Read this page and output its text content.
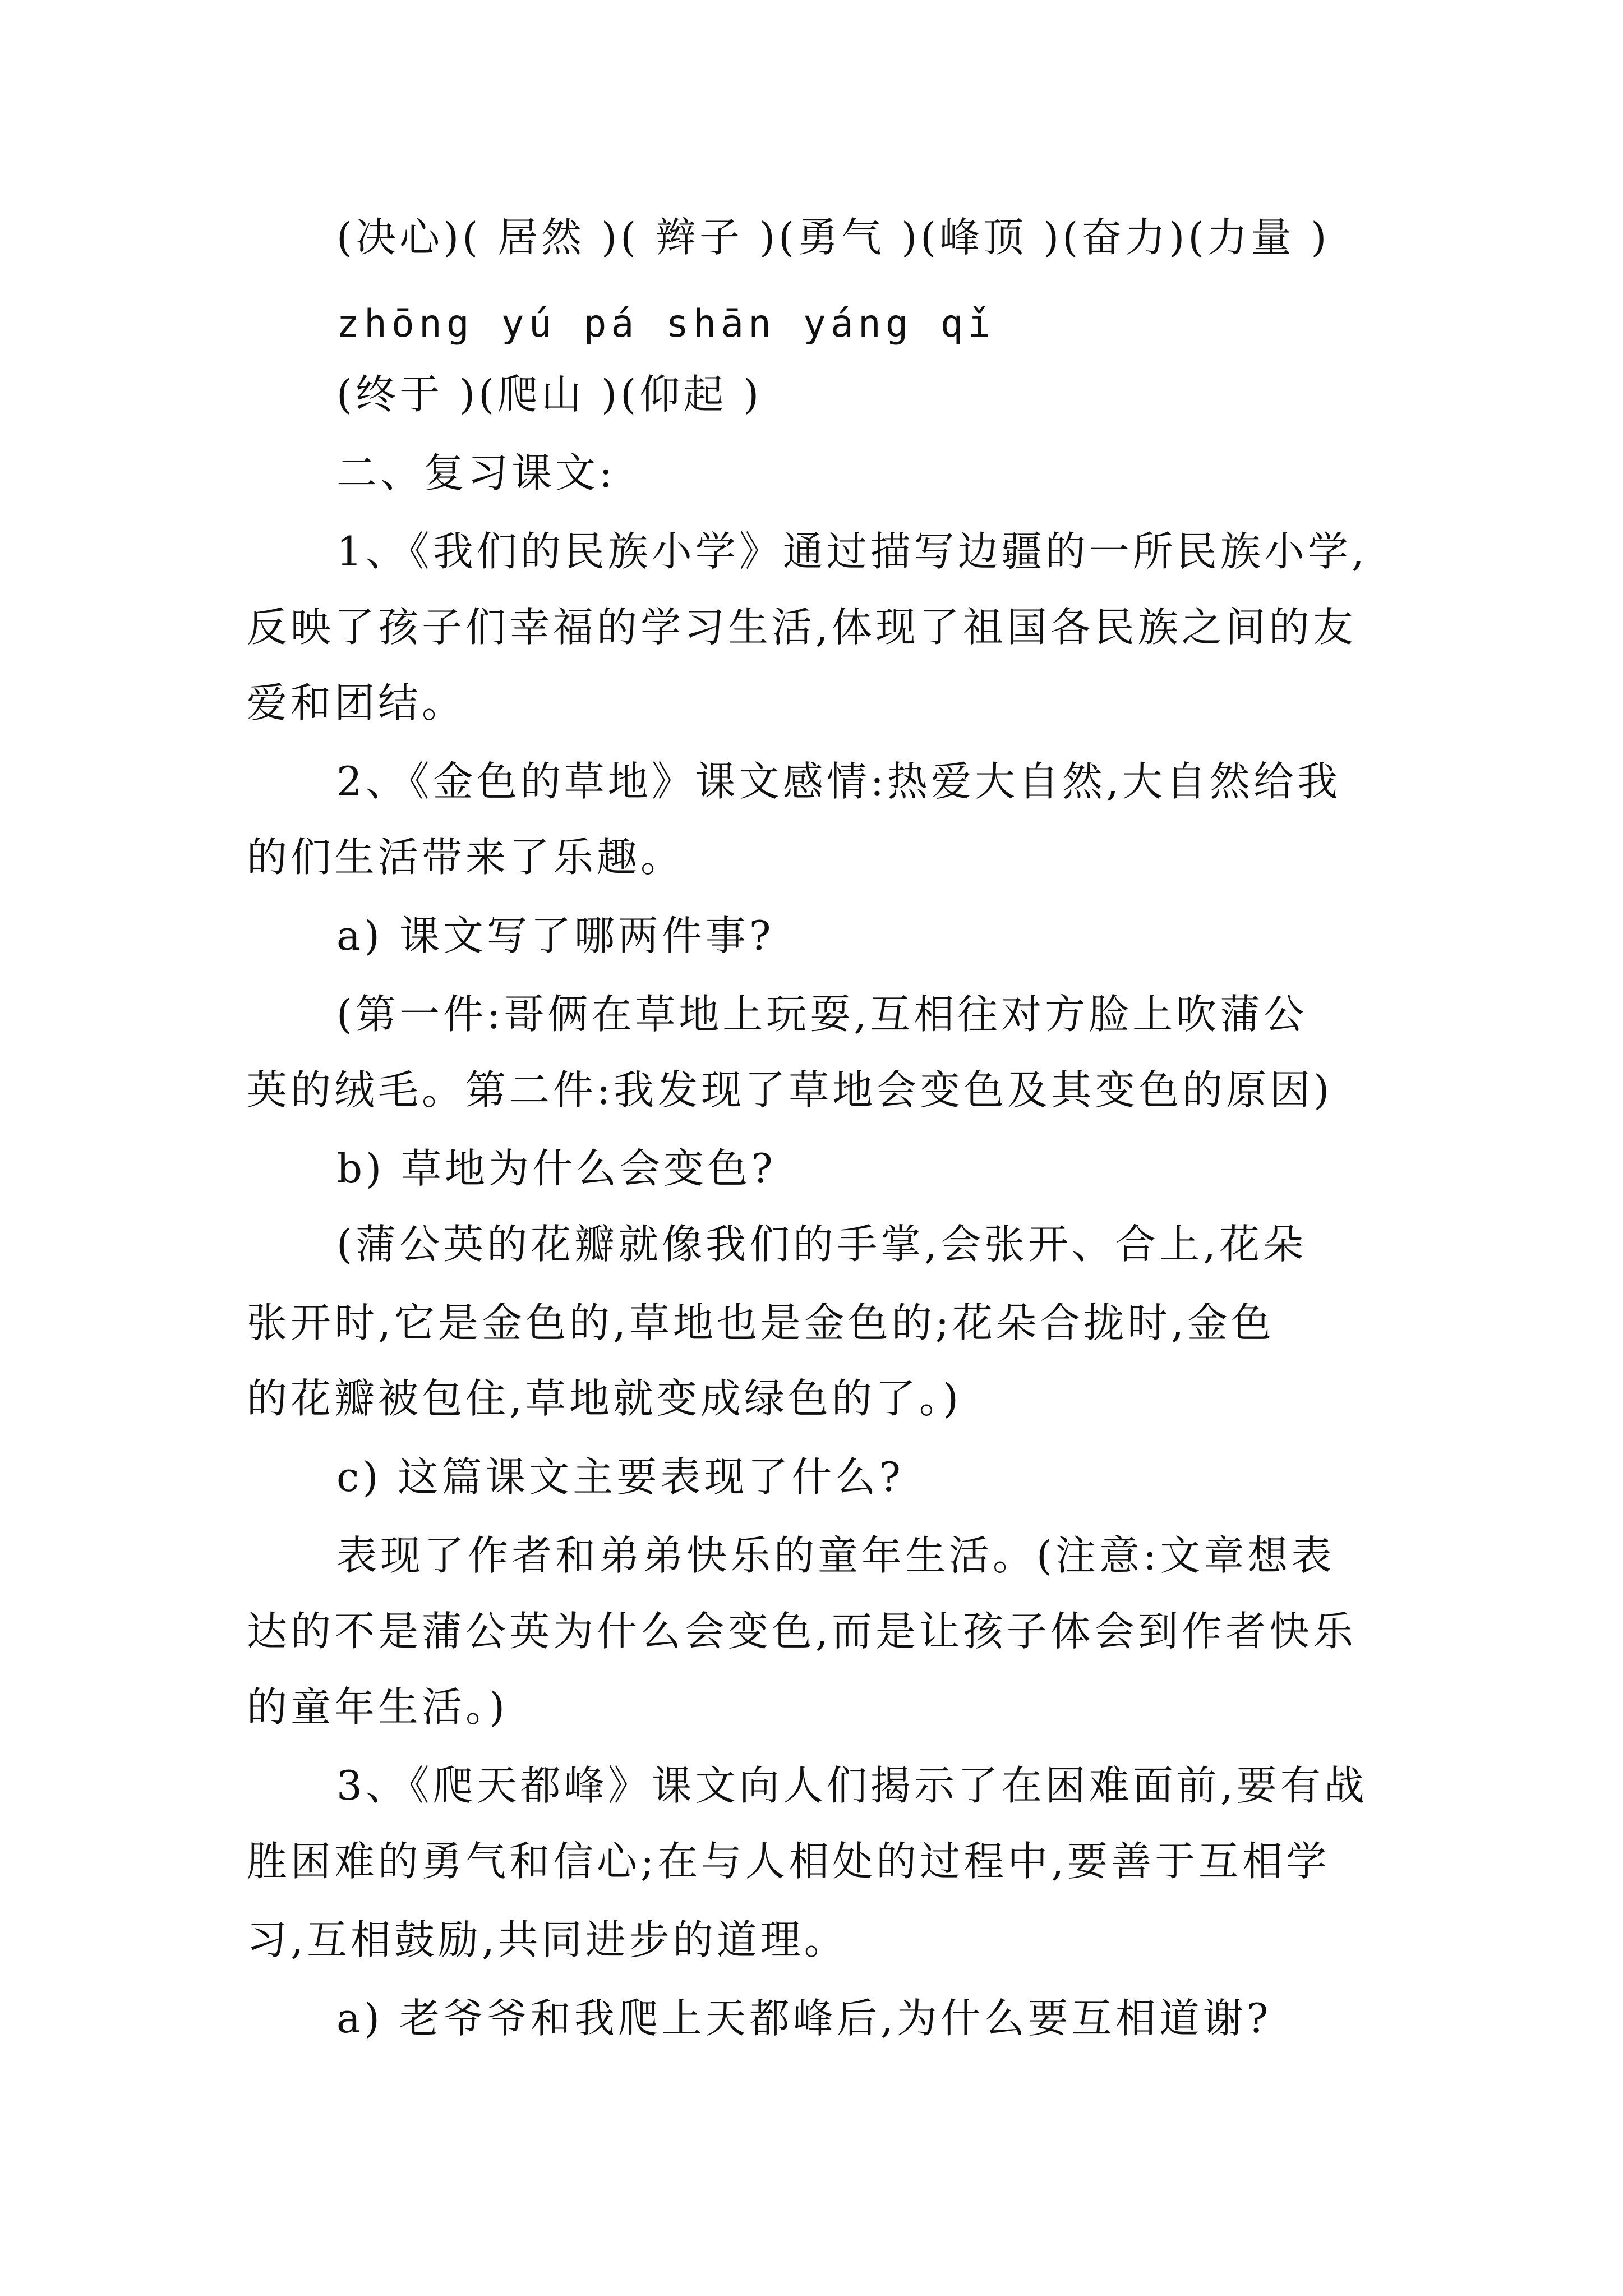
(决心)( 居然 )( 辫子 )(勇气 )(峰顶 )(奋力)(力量 )
zhōng yú pá shān yáng qǐ
(终于 )(爬山 )(仰起 )
二、复习课文:
1、《我们的民族小学》通过描写边疆的一所民族小学,
反映了孩子们幸福的学习生活,体现了祖国各民族之间的友
爱和团结。
2、《金色的草地》课文感情:热爱大自然,大自然给我
的们生活带来了乐趣。
a) 课文写了哪两件事?
(第一件:哥俩在草地上玩耍,互相往对方脸上吹蒲公
英的绒毛。第二件:我发现了草地会变色及其变色的原因)
b) 草地为什么会变色?
(蒲公英的花瓣就像我们的手掌,会张开、合上,花朵
张开时,它是金色的,草地也是金色的;花朵合拢时,金色
的花瓣被包住,草地就变成绿色的了。)
c) 这篇课文主要表现了什么?
表现了作者和弟弟快乐的童年生活。(注意:文章想表
达的不是蒲公英为什么会变色,而是让孩子体会到作者快乐
的童年生活。)
3、《爬天都峰》课文向人们揭示了在困难面前,要有战
胜困难的勇气和信心;在与人相处的过程中,要善于互相学
习,互相鼓励,共同进步的道理。
a) 老爷爷和我爬上天都峰后,为什么要互相道谢?
